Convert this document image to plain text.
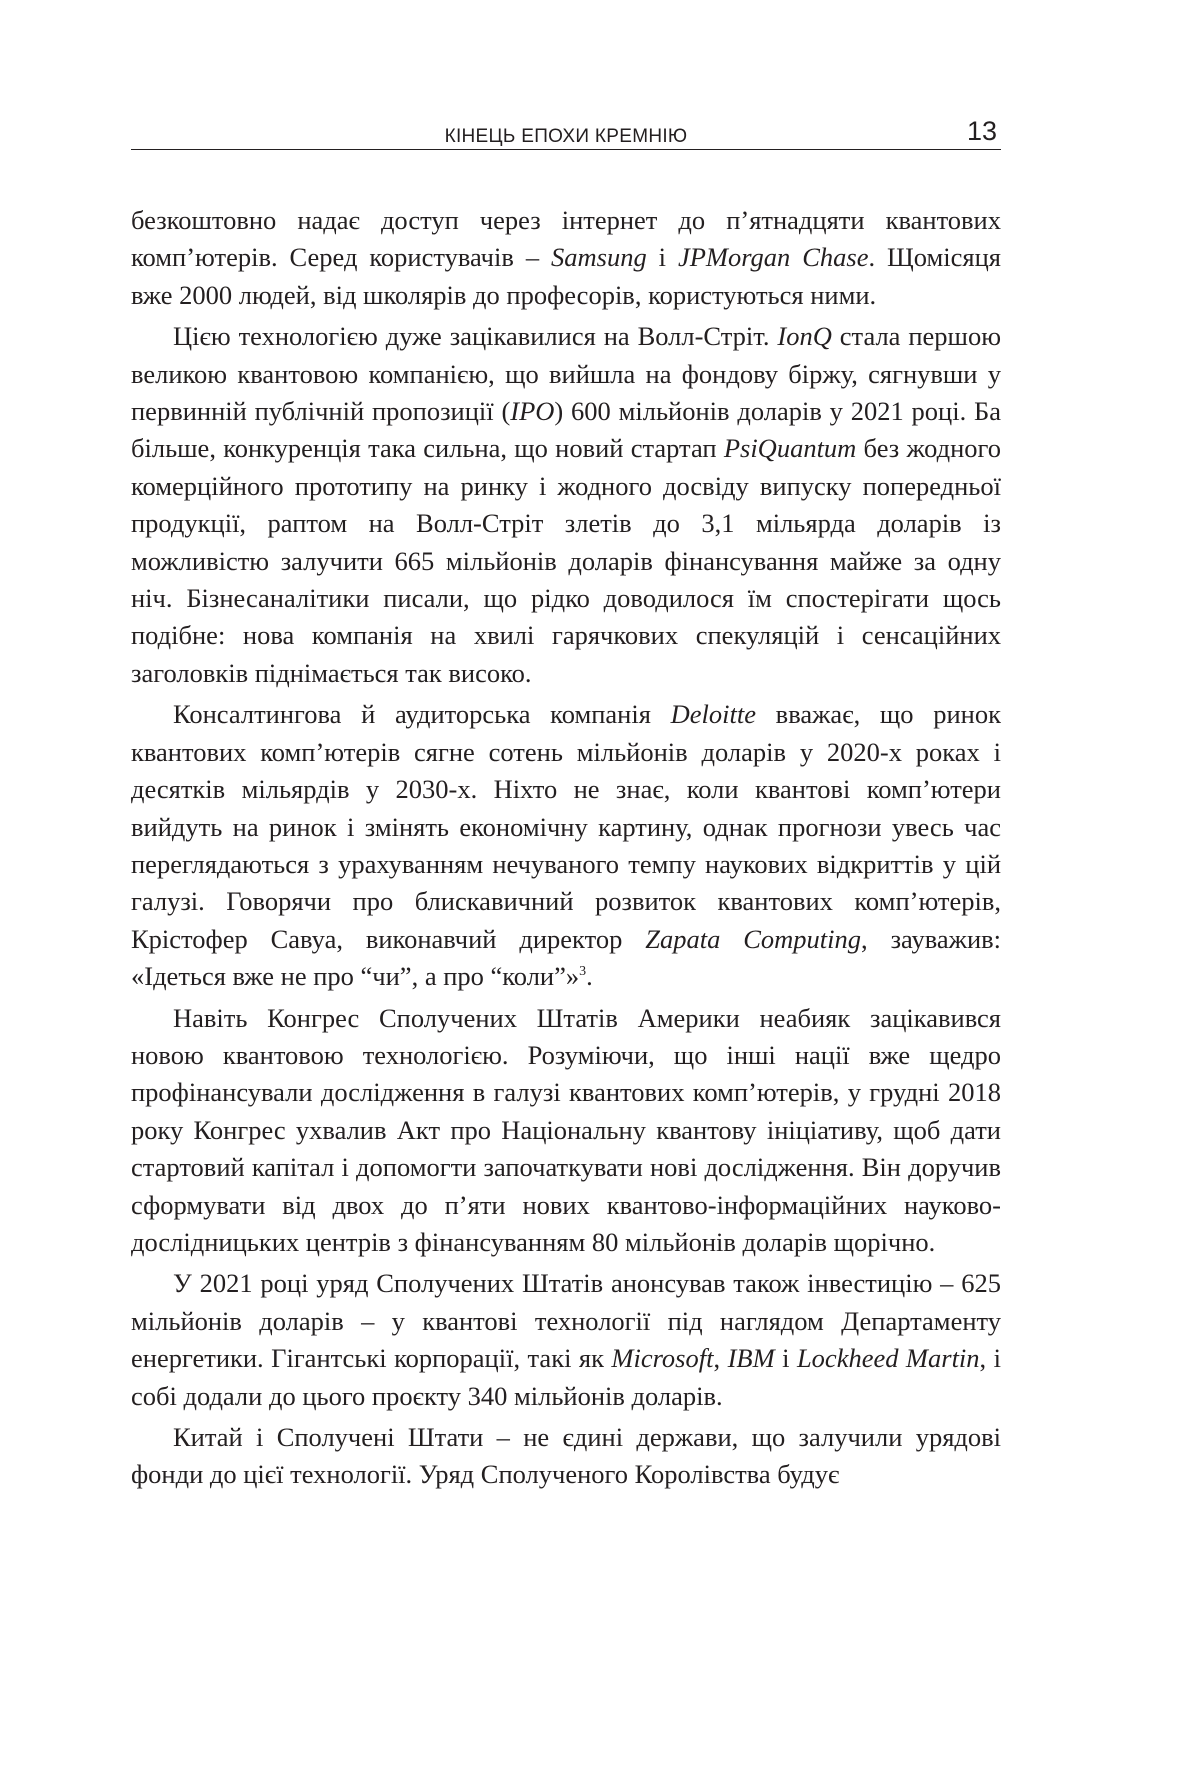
КІНЕЦЬ ЕПОХИ КРЕМНІЮ	13

безкоштовно надає доступ через інтернет до п’ятнадцяти квантових комп’ютерів. Серед користувачів – Samsung і JPMorgan Chase. Щомісяця вже 2000 людей, від школярів до професорів, користуються ними.

Цією технологією дуже зацікавилися на Волл-Стріт. IonQ стала першою великою квантовою компанією, що вийшла на фондову біржу, сягнувши у первинній публічній пропозиції (IPO) 600 мільйонів доларів у 2021 році. Ба більше, конкуренція така сильна, що новий стартап PsiQuantum без жодного комерційного прототипу на ринку і жодного досвіду випуску попередньої продукції, раптом на Волл-Стріт злетів до 3,1 мільярда доларів із можливістю залучити 665 мільйонів доларів фінансування майже за одну ніч. Бізнесаналітики писали, що рідко доводилося їм спостерігати щось подібне: нова компанія на хвилі гарячкових спекуляцій і сенсаційних заголовків піднімається так високо.

Консалтингова й аудиторська компанія Deloitte вважає, що ринок квантових комп’ютерів сягне сотень мільйонів доларів у 2020-х роках і десятків мільярдів у 2030-х. Ніхто не знає, коли квантові комп’ютери вийдуть на ринок і змінять економічну картину, однак прогнози увесь час переглядаються з урахуванням нечуваного темпу наукових відкриттів у цій галузі. Говорячи про блискавичний розвиток квантових комп’ютерів, Крістофер Савуа, виконавчий директор Zapata Computing, зауважив: «Ідеться вже не про “чи”, а про “коли”»$^3$.

Навіть Конгрес Сполучених Штатів Америки неабияк зацікавився новою квантовою технологією. Розуміючи, що інші нації вже щедро профінансували дослідження в галузі квантових комп’ютерів, у грудні 2018 року Конгрес ухвалив Акт про Національну квантову ініціативу, щоб дати стартовий капітал і допомогти започаткувати нові дослідження. Він доручив сформувати від двох до п’яти нових квантово-інформаційних науково-дослідницьких центрів з фінансуванням 80 мільйонів доларів щорічно.

У 2021 році уряд Сполучених Штатів анонсував також інвестицію – 625 мільйонів доларів – у квантові технології під наглядом Департаменту енергетики. Гігантські корпорації, такі як Microsoft, IBM і Lockheed Martin, і собі додали до цього проєкту 340 мільйонів доларів.

Китай і Сполучені Штати – не єдині держави, що залучили урядові фонди до цієї технології. Уряд Сполученого Королівства будує
